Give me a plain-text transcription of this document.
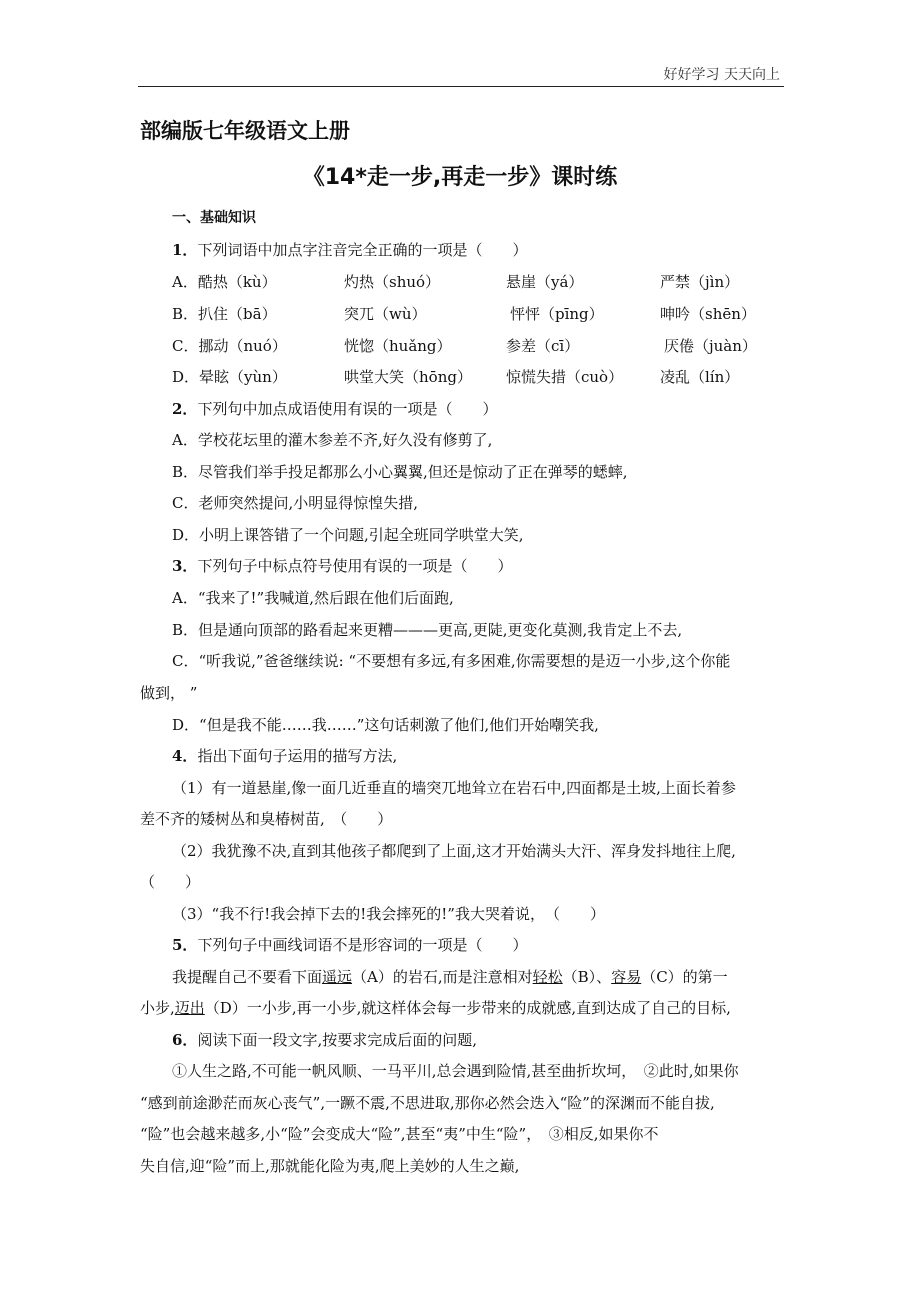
好好学习 天天向上
部编版七年级语文上册
《14*走一步,再走一步》课时练
一、基础知识
1．下列词语中加点字注音完全正确的一项是（　　）
A．酷热（kù）	灼热（shuó）	悬崖（yá）	严禁（jìn）
B．扒住（bā）	突兀（wù）	怦怦（pīng）	呻吟（shēn）
C．挪动（nuó）	恍惚（huǎng）	参差（cī）	厌倦（juàn）
D．晕眩（yùn）	哄堂大笑（hōng） 惊慌失措（cuò） 凌乱（lín）
2．下列句中加点成语使用有误的一项是（　　）
A．学校花坛里的灌木参差不齐,好久没有修剪了,
B．尽管我们举手投足都那么小心翼翼,但还是惊动了正在弹琴的蟋蟀,
C．老师突然提问,小明显得惊惶失措,
D．小明上课答错了一个问题,引起全班同学哄堂大笑,
3．下列句子中标点符号使用有误的一项是（　　）
A．“我来了!”我喊道,然后跟在他们后面跑,
B．但是通向顶部的路看起来更糟———更高,更陡,更变化莫测,我肯定上不去,
C．“听我说,”爸爸继续说: “不要想有多远,有多困难,你需要想的是迈一小步,这个你能
做到， ”
D．“但是我不能……我……”这句话刺激了他们,他们开始嘲笑我,
4．指出下面句子运用的描写方法,
（1）有一道悬崖,像一面几近垂直的墙突兀地耸立在岩石中,四面都是土坡,上面长着参
差不齐的矮树丛和臭椿树苗,　（　　）
（2）我犹豫不决,直到其他孩子都爬到了上面,这才开始满头大汗、浑身发抖地往上爬,
（　　）
（3）“我不行!我会掉下去的!我会摔死的!”我大哭着说，　（　　）
5．下列句子中画线词语不是形容词的一项是（　　）
我提醒自己不要看下面遥远（A）的岩石,而是注意相对轻松（B）、容易（C）的第一
小步,迈出（D）一小步,再一小步,就这样体会每一步带来的成就感,直到达成了自己的目标,
6．阅读下面一段文字,按要求完成后面的问题,
①人生之路,不可能一帆风顺、一马平川,总会遇到险情,甚至曲折坎坷，　②此时,如果你
“感到前途渺茫而灰心丧气”,一蹶不震,不思进取,那你必然会迭入“险”的深渊而不能自拔,
“险”也会越来越多,小“险”会变成大“险”,甚至“夷”中生“险”，　③相反,如果你不
失自信,迎“险”而上,那就能化险为夷,爬上美妙的人生之巅,
